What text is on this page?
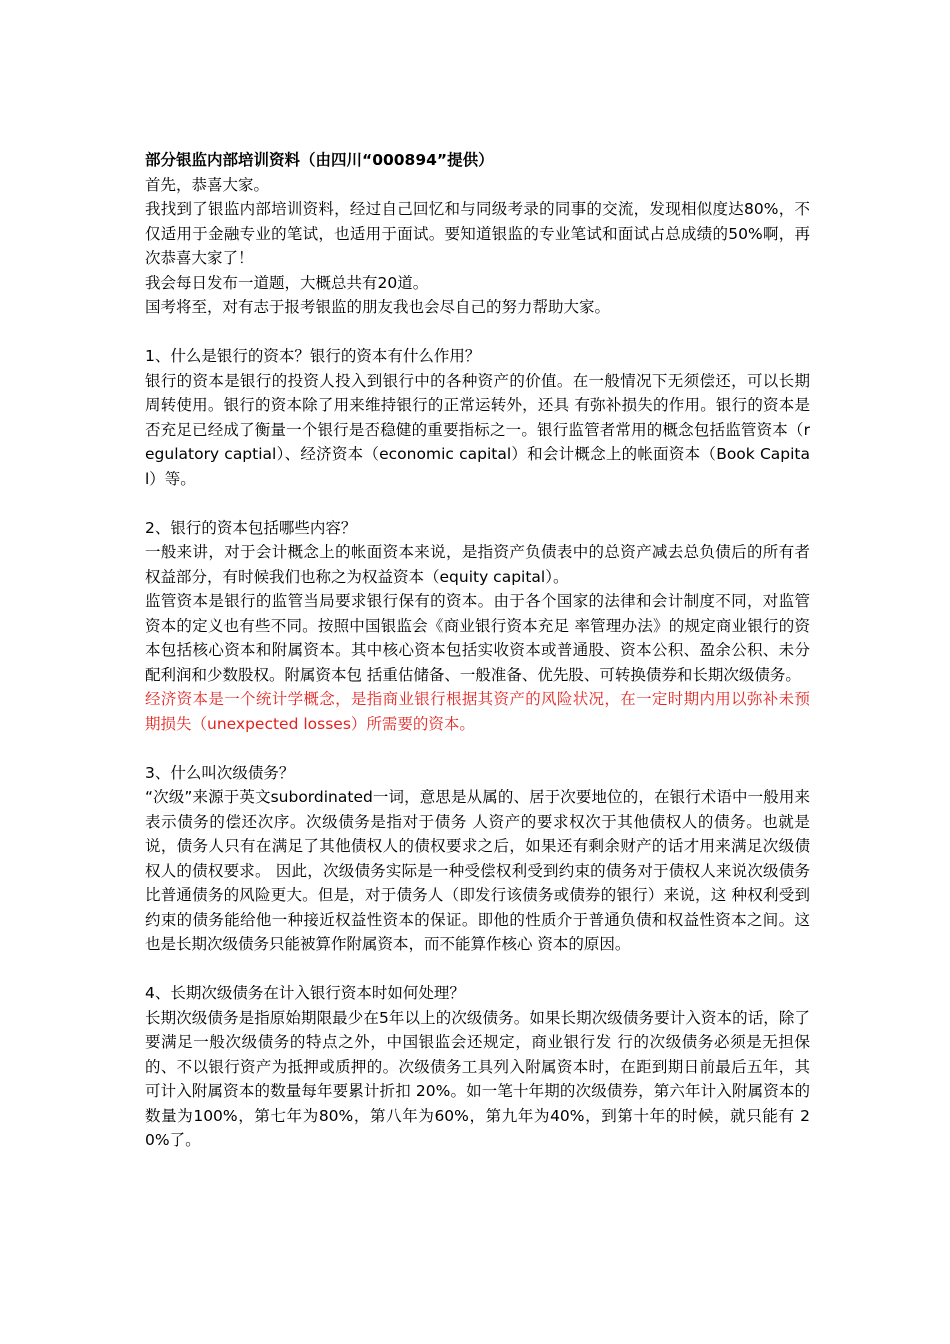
部分银监内部培训资料（由四川“000894”提供）

首先，恭喜大家。

我找到了银监内部培训资料，经过自己回忆和与同级考录的同事的交流，发现相似度达80%，不仅适用于金融专业的笔试，也适用于面试。要知道银监的专业笔试和面试占总成绩的50%啊，再次恭喜大家了！

我会每日发布一道题，大概总共有20道。

国考将至，对有志于报考银监的朋友我也会尽自己的努力帮助大家。

1、什么是银行的资本？银行的资本有什么作用？

银行的资本是银行的投资人投入到银行中的各种资产的价值。在一般情况下无须偿还，可以长期周转使用。银行的资本除了用来维持银行的正常运转外，还具 有弥补损失的作用。银行的资本是否充足已经成了衡量一个银行是否稳健的重要指标之一。银行监管者常用的概念包括监管资本（regulatory captial）、经济资本（economic capital）和会计概念上的帐面资本（Book Capital）等。

2、银行的资本包括哪些内容？

一般来讲，对于会计概念上的帐面资本来说，是指资产负债表中的总资产减去总负债后的所有者权益部分，有时候我们也称之为权益资本（equity capital）。

监管资本是银行的监管当局要求银行保有的资本。由于各个国家的法律和会计制度不同，对监管资本的定义也有些不同。按照中国银监会《商业银行资本充足 率管理办法》的规定商业银行的资本包括核心资本和附属资本。其中核心资本包括实收资本或普通股、资本公积、盈余公积、未分配利润和少数股权。附属资本包 括重估储备、一般准备、优先股、可转换债券和长期次级债务。

经济资本是一个统计学概念，是指商业银行根据其资产的风险状况，在一定时期内用以弥补未预期损失（unexpected losses）所需要的资本。

3、什么叫次级债务？

“次级”来源于英文subordinated一词，意思是从属的、居于次要地位的，在银行术语中一般用来表示债务的偿还次序。次级债务是指对于债务 人资产的要求权次于其他债权人的债务。也就是说，债务人只有在满足了其他债权人的债权要求之后，如果还有剩余财产的话才用来满足次级债权人的债权要求。 因此，次级债务实际是一种受偿权利受到约束的债务对于债权人来说次级债务比普通债务的风险更大。但是，对于债务人（即发行该债务或债券的银行）来说，这 种权利受到约束的债务能给他一种接近权益性资本的保证。即他的性质介于普通负债和权益性资本之间。这也是长期次级债务只能被算作附属资本，而不能算作核心 资本的原因。

4、长期次级债务在计入银行资本时如何处理？

长期次级债务是指原始期限最少在5年以上的次级债务。如果长期次级债务要计入资本的话，除了要满足一般次级债务的特点之外，中国银监会还规定，商业银行发 行的次级债务必须是无担保的、不以银行资产为抵押或质押的。次级债务工具列入附属资本时，在距到期日前最后五年，其可计入附属资本的数量每年要累计折扣 20%。如一笔十年期的次级债券，第六年计入附属资本的数量为100%，第七年为80%，第八年为60%，第九年为40%，到第十年的时候，就只能有 20%了。
